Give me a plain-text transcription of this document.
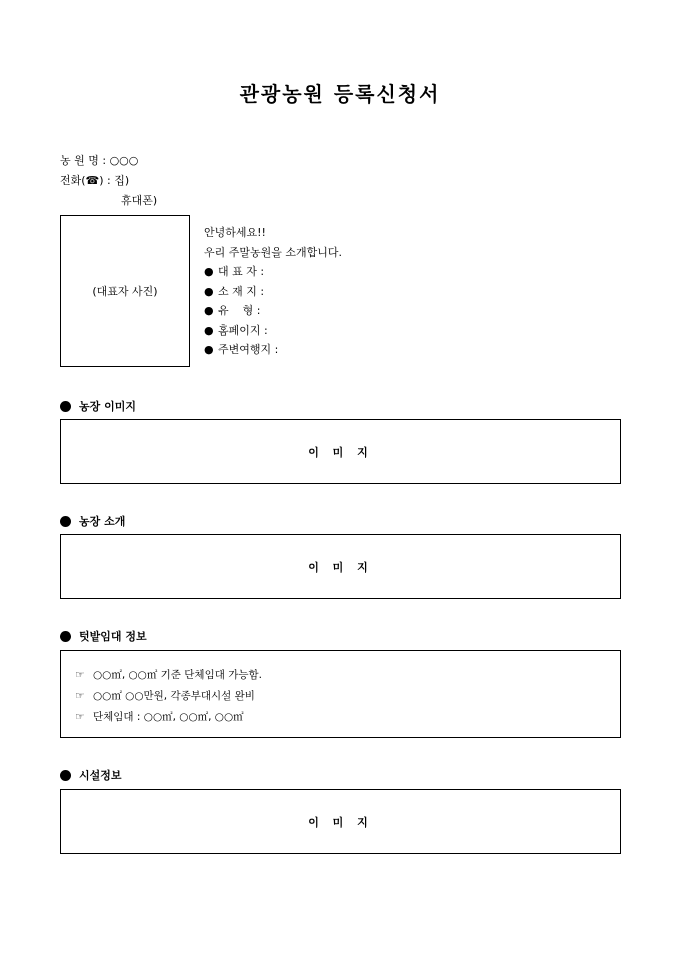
관광농원 등록신청서
농 원 명 : ○○○
전화(☎) : 집)
휴대폰)
(대표자 사진)
안녕하세요!!
우리 주말농원을 소개합니다.
● 대 표 자 :
● 소 재 지 :
● 유    형 :
● 홈페이지 :
● 주변여행지 :
농장 이미지
이 미 지
농장 소개
이 미 지
텃밭임대 정보
☞ ○○㎡, ○○㎡ 기준 단체임대 가능함.
☞ ○○㎡ ○○만원, 각종부대시설 완비
☞ 단체임대 : ○○㎡, ○○㎡, ○○㎡
시설정보
이 미 지
